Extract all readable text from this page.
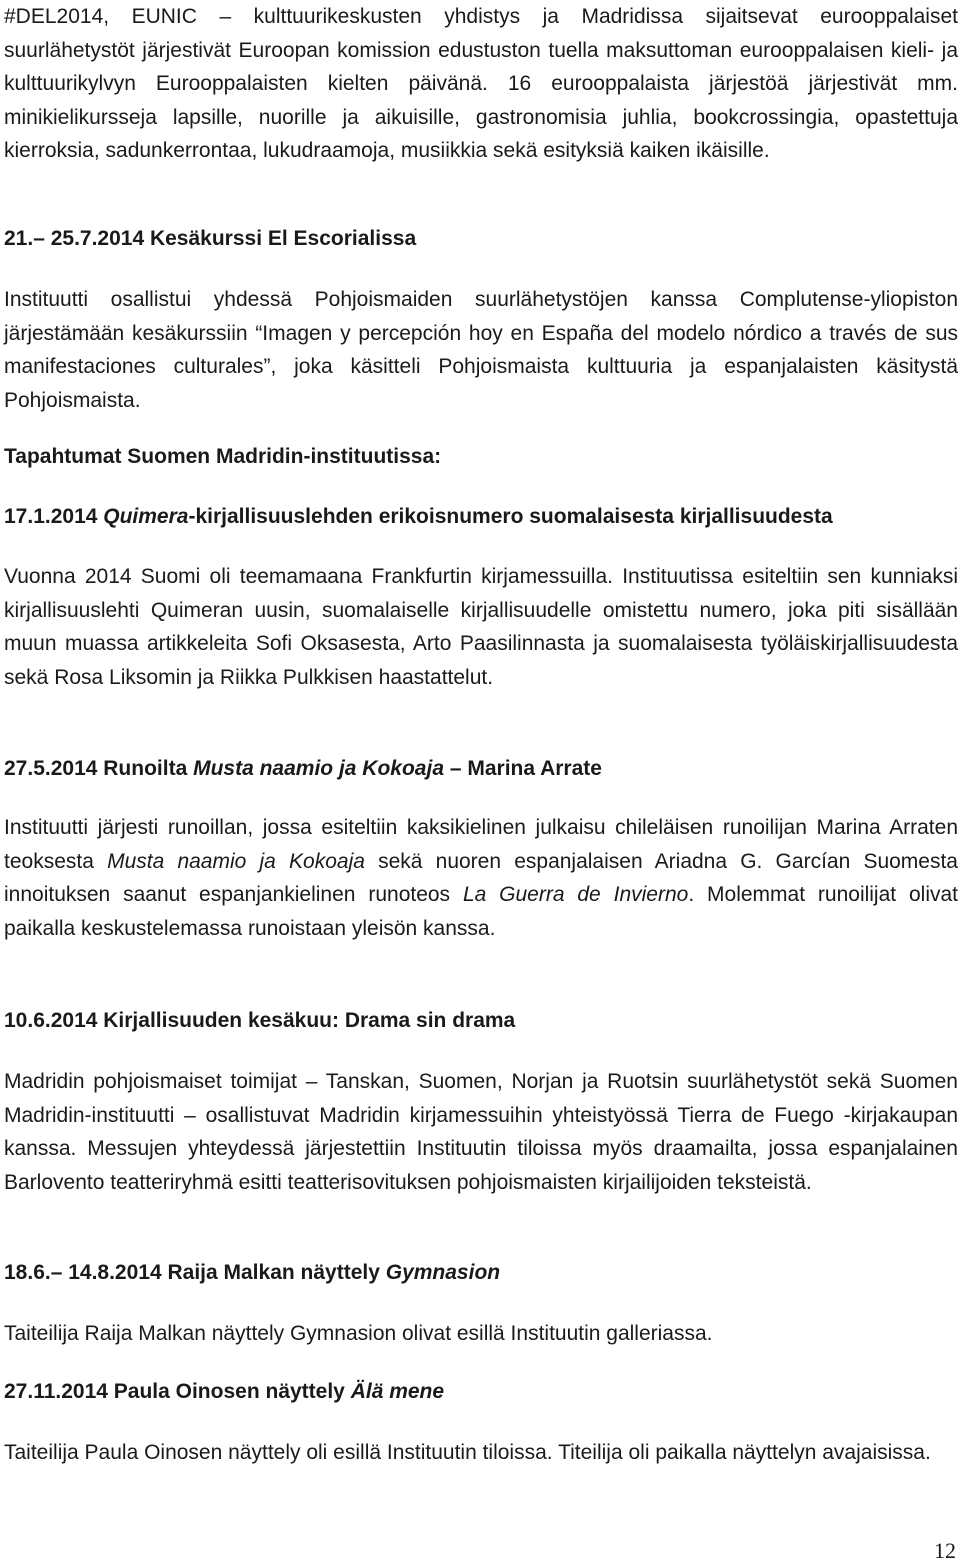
#DEL2014, EUNIC – kulttuurikeskusten yhdistys ja Madridissa sijaitsevat eurooppalaiset suurlähetystöt järjestivät Euroopan komission edustuston tuella maksuttoman eurooppalaisen kieli- ja kulttuurikylvyn Eurooppalaisten kielten päivänä. 16 eurooppalaista järjestöä järjestivät mm. minikielikursseja lapsille, nuorille ja aikuisille, gastronomisia juhlia, bookcrossingia, opastettuja kierroksia, sadunkerrontaa, lukudraamoja, musiikkia sekä esityksiä kaiken ikäisille.

21.– 25.7.2014 Kesäkurssi El Escorialissa

Instituutti osallistui yhdessä Pohjoismaiden suurlähetystöjen kanssa Complutense-yliopiston järjestämään kesäkurssiin “Imagen y percepción hoy en España del modelo nórdico a través de sus manifestaciones culturales”, joka käsitteli Pohjoismaista kulttuuria ja espanjalaisten käsitystä Pohjoismaista.

Tapahtumat Suomen Madridin-instituutissa:

17.1.2014 Quimera-kirjallisuuslehden erikoisnumero suomalaisesta kirjallisuudesta

Vuonna 2014 Suomi oli teemamaana Frankfurtin kirjamessuilla. Instituutissa esiteltiin sen kunniaksi kirjallisuuslehti Quimeran uusin, suomalaiselle kirjallisuudelle omistettu numero, joka piti sisällään muun muassa artikkeleita Sofi Oksasesta, Arto Paasilinnasta ja suomalaisesta työläiskirjallisuudesta sekä Rosa Liksomin ja Riikka Pulkkisen haastattelut.

27.5.2014 Runoilta Musta naamio ja Kokoaja – Marina Arrate

Instituutti järjesti runoillan, jossa esiteltiin kaksikielinen julkaisu chileläisen runoilijan Marina Arraten teoksesta Musta naamio ja Kokoaja sekä nuoren espanjalaisen Ariadna G. Garcían Suomesta innoituksen saanut espanjankielinen runoteos La Guerra de Invierno. Molemmat runoilijat olivat paikalla keskustelemassa runoistaan yleisön kanssa.

10.6.2014 Kirjallisuuden kesäkuu: Drama sin drama

Madridin pohjoismaiset toimijat – Tanskan, Suomen, Norjan ja Ruotsin suurlähetystöt sekä Suomen Madridin-instituutti – osallistuvat Madridin kirjamessuihin yhteistyössä Tierra de Fuego -kirjakaupan kanssa. Messujen yhteydessä järjestettiin Instituutin tiloissa myös draamailta, jossa espanjalainen Barlovento teatteriryhmä esitti teatterisovituksen pohjoismaisten kirjailijoiden teksteistä.

18.6.– 14.8.2014 Raija Malkan näyttely Gymnasion

Taiteilija Raija Malkan näyttely Gymnasion olivat esillä Instituutin galleriassa.

27.11.2014 Paula Oinosen näyttely Älä mene

Taiteilija Paula Oinosen näyttely oli esillä Instituutin tiloissa. Titeilija oli paikalla näyttelyn avajaisissa.

12
